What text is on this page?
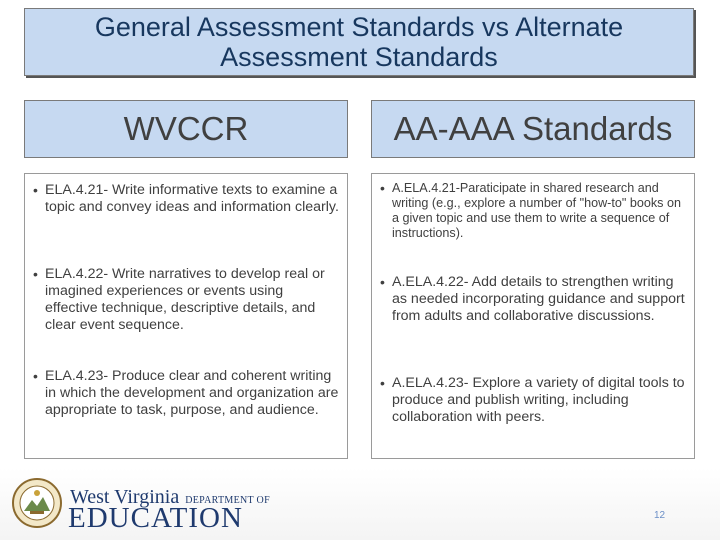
General Assessment Standards vs Alternate
Assessment Standards
WVCCR	AA-AAA Standards
• ELA.4.21- Write informative texts to examine a topic and convey ideas and information clearly.
• ELA.4.22- Write narratives to develop real or imagined experiences or events using effective technique, descriptive details, and clear event sequence.
• ELA.4.23- Produce clear and coherent writing in which the development and organization are appropriate to task, purpose, and audience.
• A.ELA.4.21-Paraticipate in shared research and writing (e.g., explore a number of "how-to" books on a given topic and use them to write a sequence of instructions).
• A.ELA.4.22- Add details to strengthen writing as needed incorporating guidance and support from adults and collaborative discussions.
• A.ELA.4.23- Explore a variety of digital tools to produce and publish writing, including collaboration with peers.
West Virginia DEPARTMENT OF
EDUCATION	12
